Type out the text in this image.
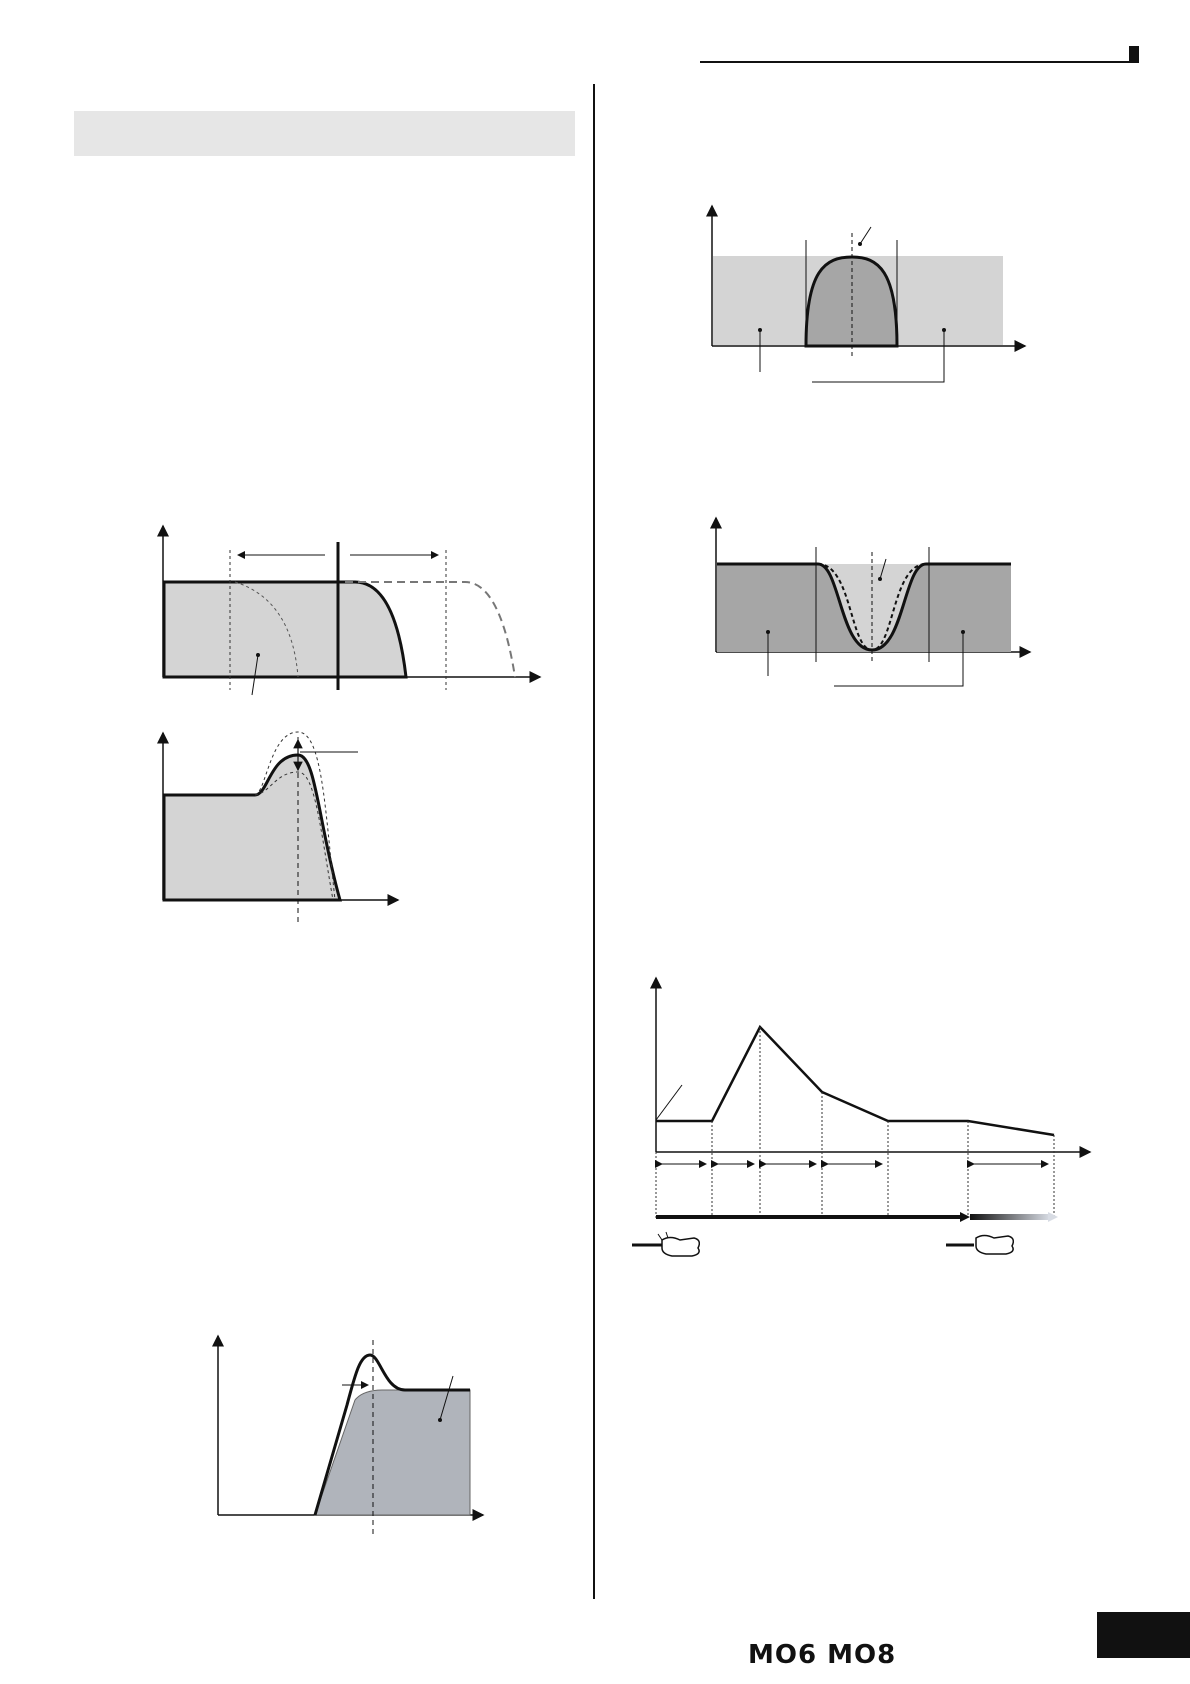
MO6 MO8
